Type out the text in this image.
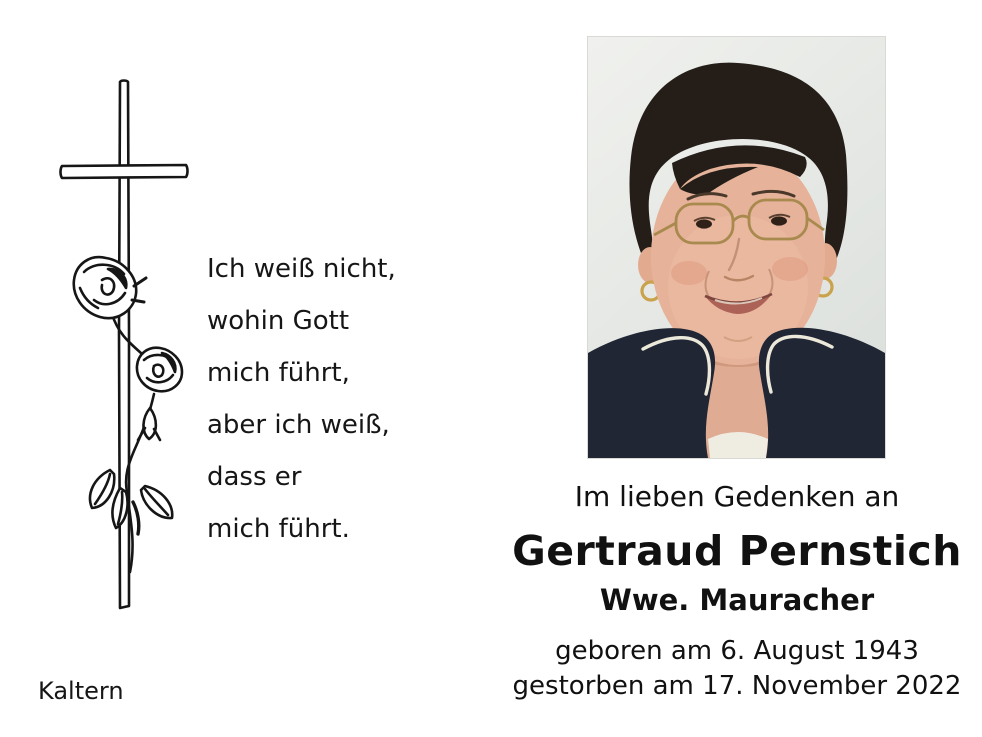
Ich weiß nicht,
wohin Gott
mich führt,
aber ich weiß,
dass er
mich führt.
Kaltern
Im lieben Gedenken an
Gertraud Pernstich
Wwe. Mauracher
geboren am 6. August 1943
gestorben am 17. November 2022
